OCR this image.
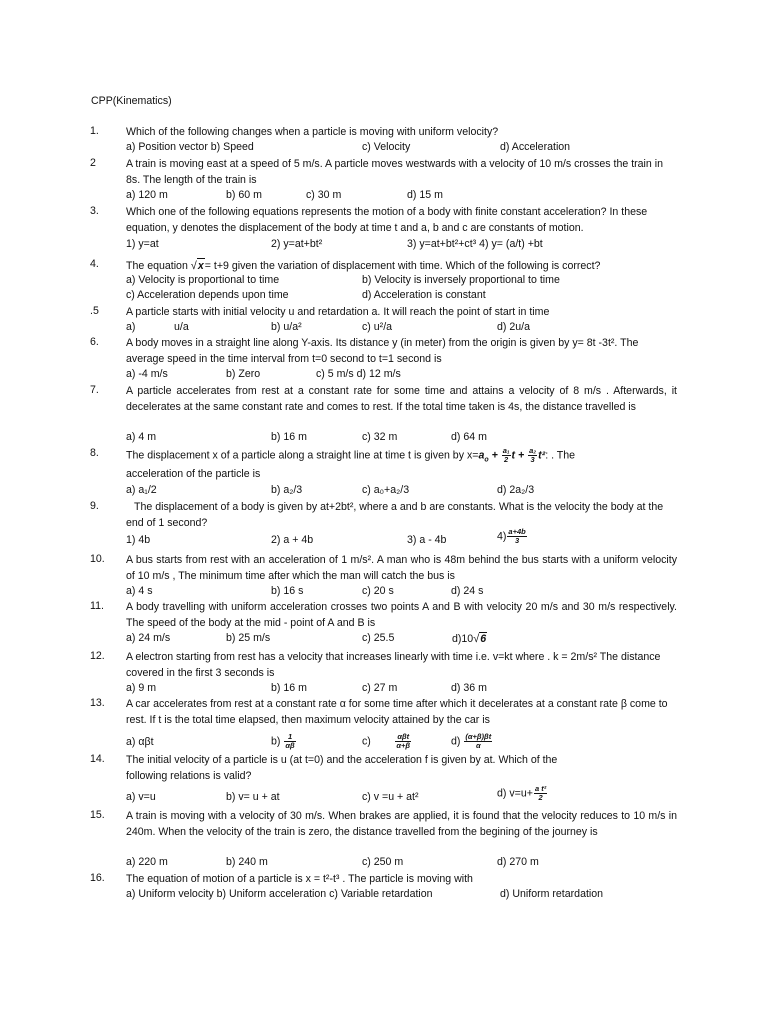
CPP(Kinematics)
1.	Which of the following changes when a particle is moving with uniform velocity?
a) Position vector b) Speed	c) Velocity	d) Acceleration
2	A train is moving east at a speed of 5 m/s. A particle moves westwards with a velocity of 10 m/s crosses the train in 8s. The length of the train is
a) 120 m	b) 60 m	c) 30 m	d) 15 m
3.	Which one of the following equations represents the motion of a body with finite constant acceleration? In these equation, y denotes the displacement of the body at time t and a, b and c are constants of motion.
1) y=at	2) y=at+bt²	3) y=at+bt²+ct³ 4) y= (a/t) +bt
4.	The equation √x= t+9 given the variation of displacement with time. Which of the following is correct?
a) Velocity is proportional to time	b) Velocity is inversely proportional to time
c) Acceleration depends upon time	d) Acceleration is constant
.5	A particle starts with initial velocity u and retardation a. It will reach the point of start in time
a)	u/a	b) u/a²	c) u²/a	d) 2u/a
6.	A body moves in a straight line along Y-axis. Its distance y (in meter) from the origin is given by y= 8t -3t². The average speed in the time interval from t=0 second to t=1 second is
a) -4 m/s	b) Zero	c) 5 m/s d) 12 m/s
7.	A particle accelerates from rest at a constant rate for some time and attains a velocity of 8 m/s . Afterwards, it decelerates at the same constant rate and comes to rest. If the total time taken is 4s, the distance travelled is
a) 4 m	b) 16 m	c) 32 m	d) 64 m
8.	The displacement x of a particle along a straight line at time t is given by $x=a_o + \frac{\text{a₁}}{2}$ $t + \frac{\text{a₂}}{3} t^2$: . The
acceleration of the particle is
a) a₁/2	b) a₂/3	c) a₀+a₂/3	d) 2a₂/3
9.	The displacement of a body is given by at+2bt², where a and b are constants. What is the velocity the body at the end of 1 second?
1) 4b	2) a + 4b	3) a - 4b	$4) \frac{a+4b}{3}$
10. A bus starts from rest with an acceleration of 1 m/s². A man who is 48m behind the bus starts with a uniform velocity of 10 m/s , The minimum time after which the man will catch the bus is
a) 4 s	b) 16 s	c) 20 s	d) 24 s
11. A body travelling with uniform acceleration crosses two points A and B with velocity 20 m/s and 30 m/s respectively. The speed of the body at the mid - point of A and B is
a) 24 m/s	b) 25 m/s	c) 25.5	d)10√6
12. A electron starting from rest has a velocity that increases linearly with time i.e. v=kt where . k = 2m/s² The distance covered in the first 3 seconds is
a) 9 m	b) 16 m	c) 27 m	d) 36 m
13. A car accelerates from rest at a constant rate α for some time after which it decelerates at a constant rate β come to rest. If t is the total time elapsed, then maximum velocity attained by the car is
a) αβt	$b) \frac{1}{\alpha\beta}$	c)	$\frac{\text{αβt}}{\alpha+\beta}$	$d) \frac{(\alpha+\beta)\beta t}{\alpha}$
14. The initial velocity of a particle is u (at t=0) and the acceleration f is given by at. Which of the following relations is valid?
a) v=u	b) v= u + at	c) v =u + at²	d) $v=u+ \frac{\text{a t²}}{2}$
15. A train is moving with a velocity of 30 m/s. When brakes are applied, it is found that the velocity reduces to 10 m/s in 240m. When the velocity of the train is zero, the distance travelled from the begining of the journey is
a) 220 m	b) 240 m	c) 250 m	d) 270 m
16. The equation of motion of a particle is x = t²-t³ . The particle is moving with
a) Uniform velocity b) Uniform acceleration c) Variable retardation	d) Uniform retardation
